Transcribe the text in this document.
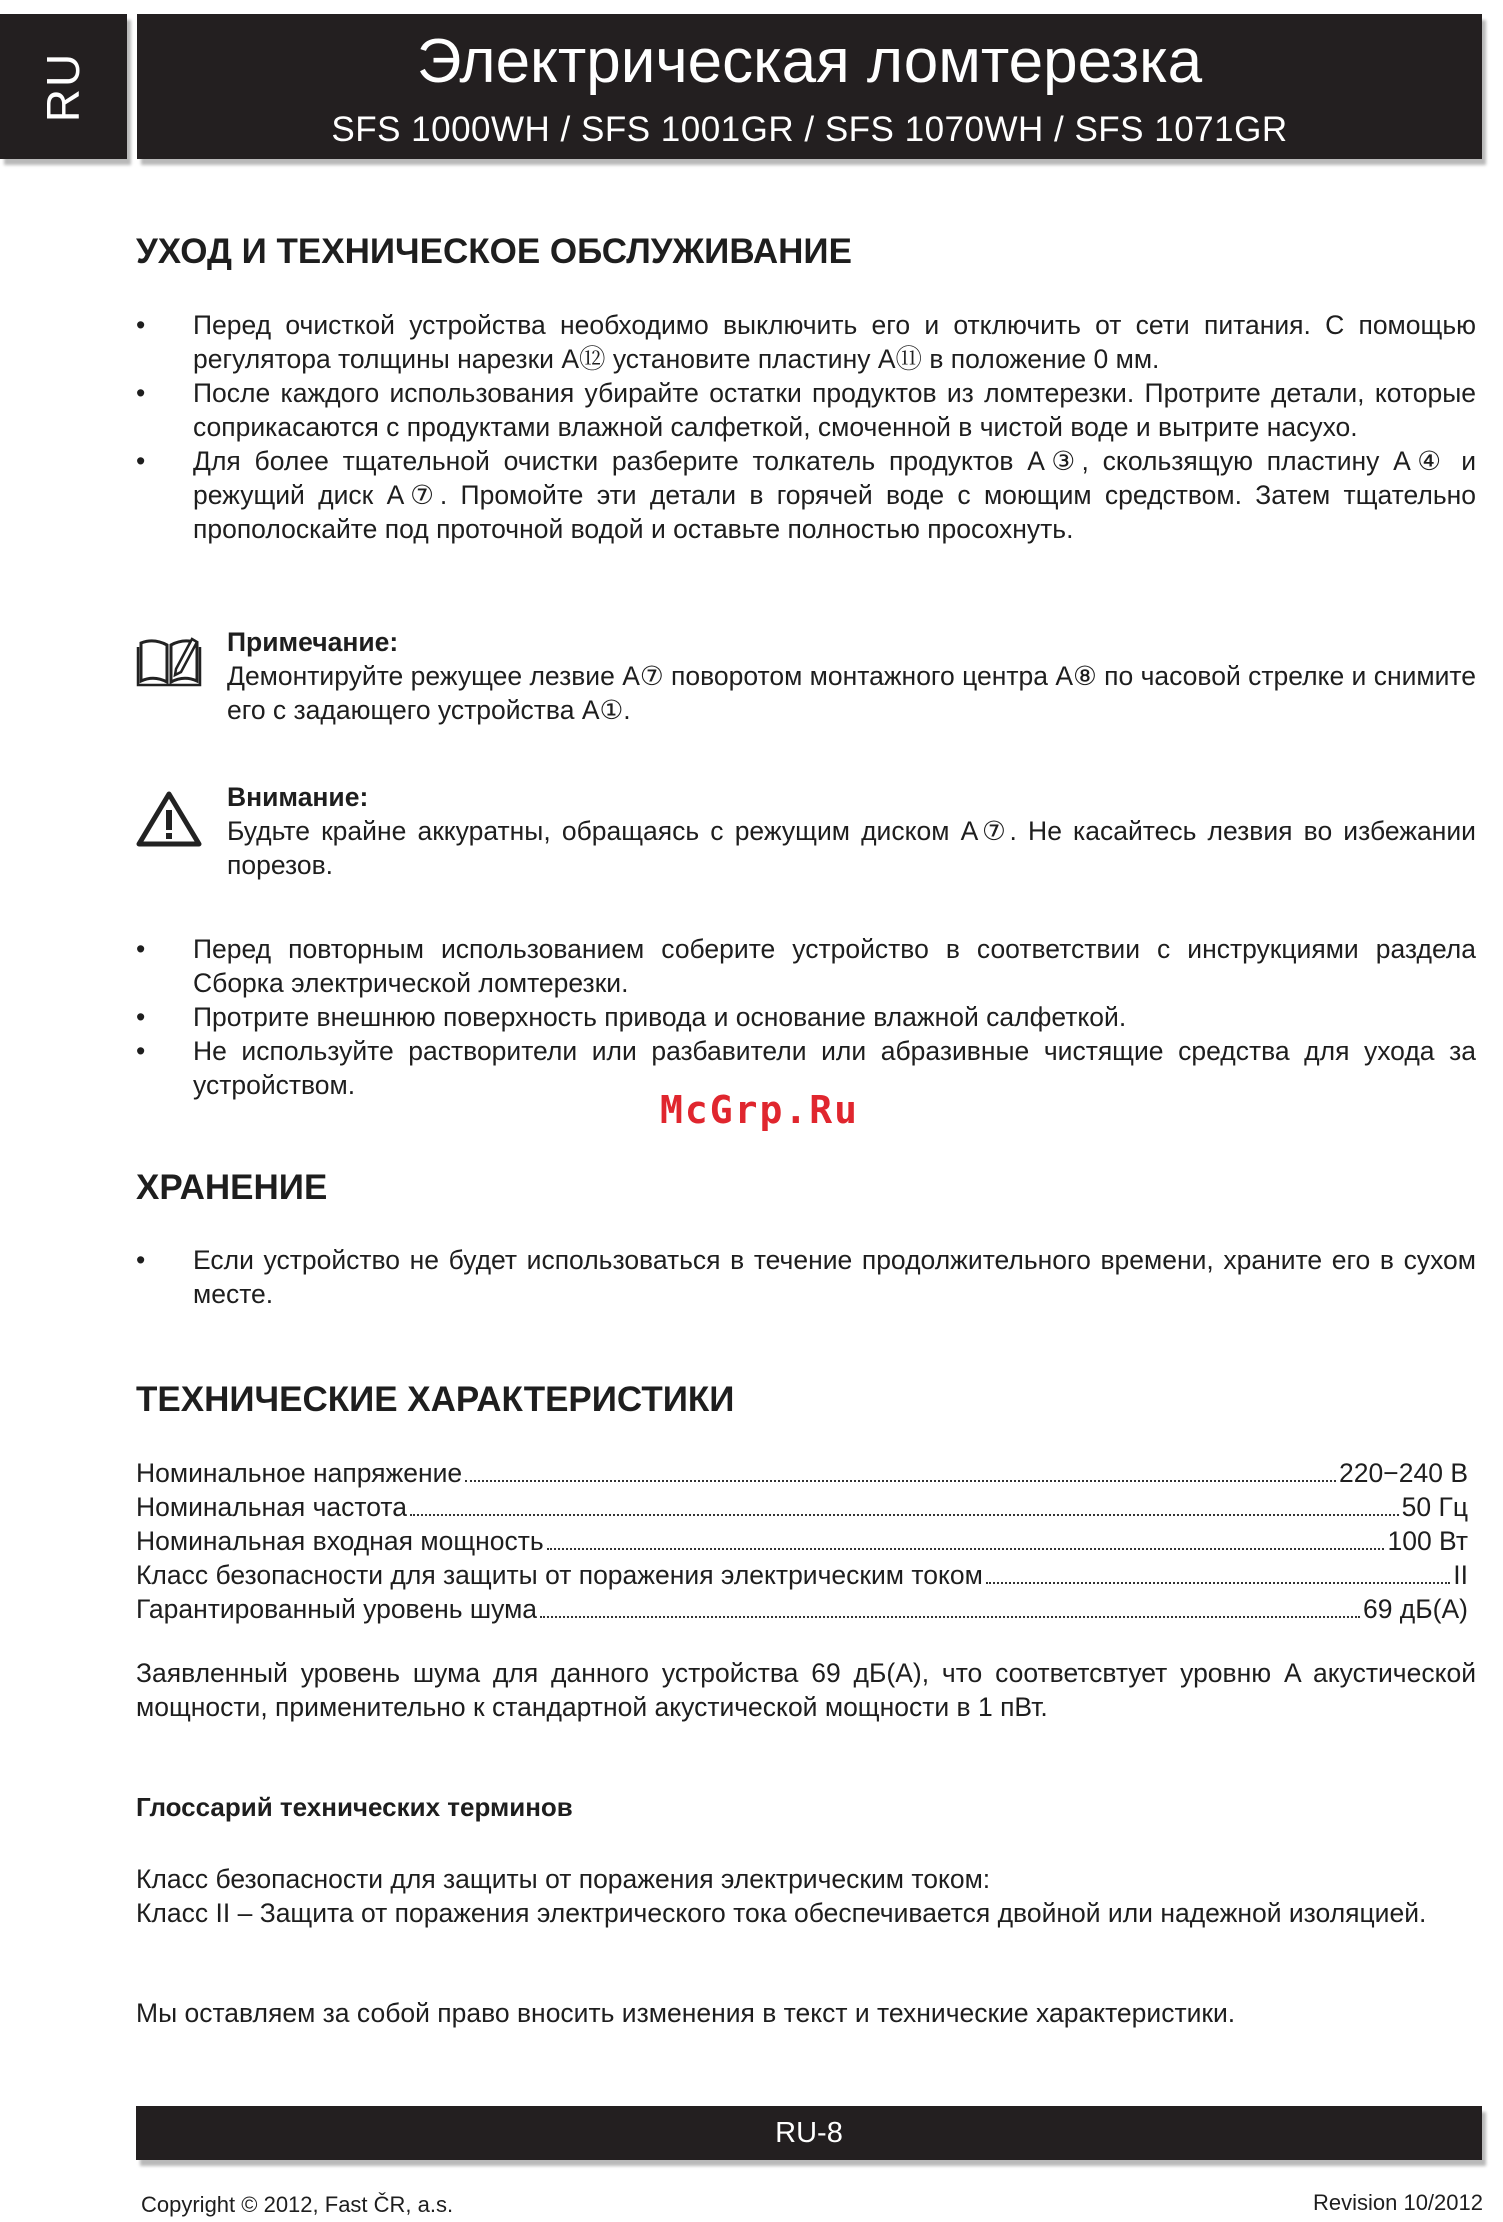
RU	Электрическая ломтерезка
SFS 1000WH / SFS 1001GR / SFS 1070WH / SFS 1071GR
УХОД И ТЕХНИЧЕСКОЕ ОБСЛУЖИВАНИЕ
• Перед очисткой устройства необходимо выключить его и отключить от сети питания. С помощью регулятора толщины нарезки A⑫ установите пластину A⑪ в положение 0 мм.
• После каждого использования убирайте остатки продуктов из ломтерезки. Протрите детали, которые соприкасаются с продуктами влажной салфеткой, смоченной в чистой воде и вытрите насухо.
• Для более тщательной очистки разберите толкатель продуктов A③, скользящую пластину A④ и режущий диск A⑦. Промойте эти детали в горячей воде с моющим средством. Затем тщательно прополоскайте под проточной водой и оставьте полностью просохнуть.
Примечание:
Демонтируйте режущее лезвие A⑦ поворотом монтажного центра A⑧ по часовой стрелке и снимите его с задающего устройства A①.
Внимание:
Будьте крайне аккуратны, обращаясь с режущим диском A⑦. Не касайтесь лезвия во избежании порезов.
• Перед повторным использованием соберите устройство в соответствии с инструкциями раздела Сборка электрической ломтерезки.
• Протрите внешнюю поверхность привода и основание влажной салфеткой.
• Не используйте растворители или разбавители или абразивные чистящие средства для ухода за устройством.
McGrp.Ru
ХРАНЕНИЕ
• Если устройство не будет использоваться в течение продолжительного времени, храните его в сухом месте.
ТЕХНИЧЕСКИЕ ХАРАКТЕРИСТИКИ
Номинальное напряжение	220−240 В
Номинальная частота	50 Гц
Номинальная входная мощность	100 Вт
Класс безопасности для защиты от поражения электрическим током	II
Гарантированный уровень шума	69 дБ(A)
Заявленный уровень шума для данного устройства 69 дБ(A), что соответсвтует уровню A акустической мощности, применительно к стандартной акустической мощности в 1 пВт.
Глоссарий технических терминов
Класс безопасности для защиты от поражения электрическим током:
Класс II – Защита от поражения электрического тока обеспечивается двойной или надежной изоляцией.
Мы оставляем за собой право вносить изменения в текст и технические характеристики.
RU-8
Copyright © 2012, Fast ČR, a.s.	Revision 10/2012
